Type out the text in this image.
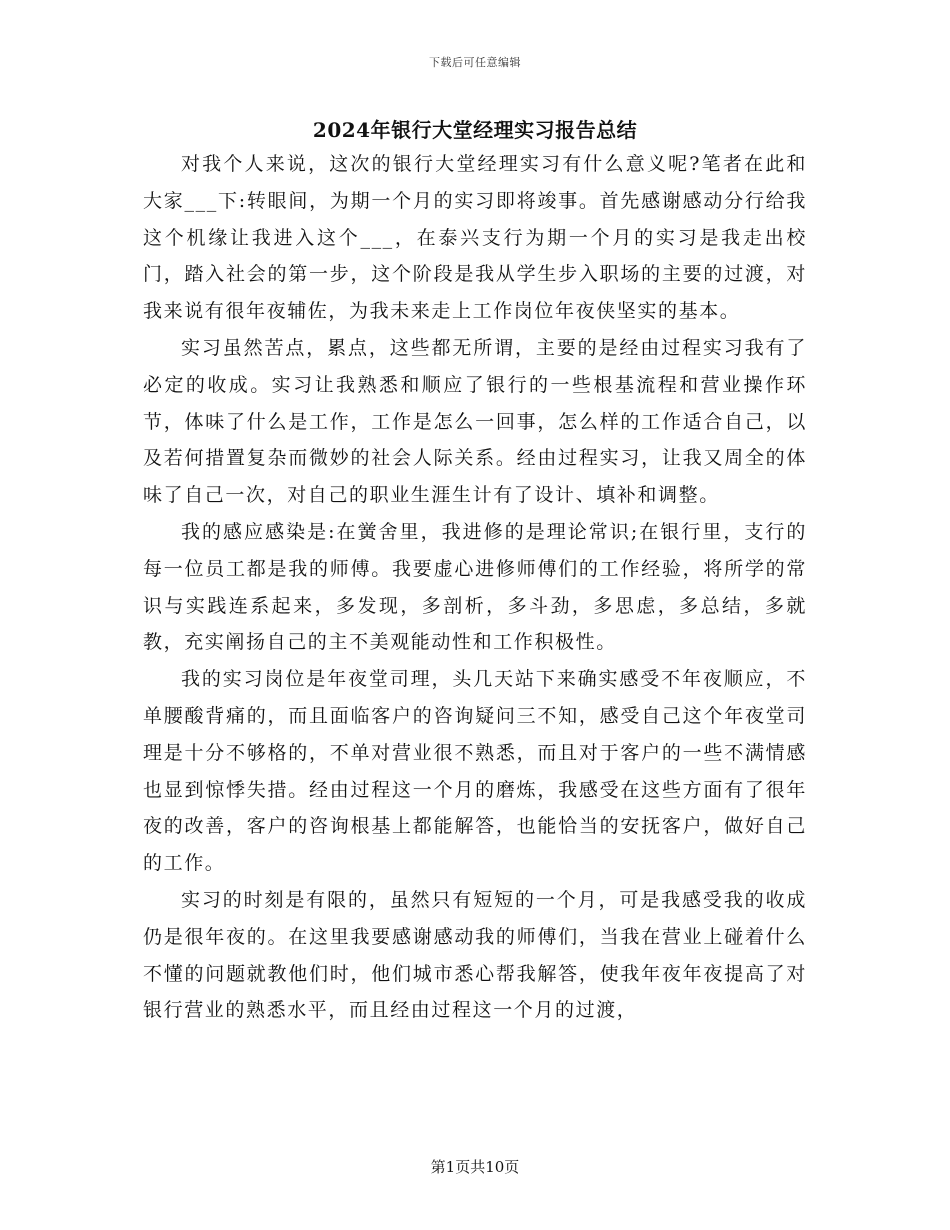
下载后可任意编辑
2024年银行大堂经理实习报告总结

对我个人来说，这次的银行大堂经理实习有什么意义呢?笔者在此和大家___下:转眼间，为期一个月的实习即将竣事。首先感谢感动分行给我这个机缘让我进入这个___，在泰兴支行为期一个月的实习是我走出校门，踏入社会的第一步，这个阶段是我从学生步入职场的主要的过渡，对我来说有很年夜辅佐，为我未来走上工作岗位年夜侠坚实的基本。

实习虽然苦点，累点，这些都无所谓，主要的是经由过程实习我有了必定的收成。实习让我熟悉和顺应了银行的一些根基流程和营业操作环节，体味了什么是工作，工作是怎么一回事，怎么样的工作适合自己，以及若何措置复杂而微妙的社会人际关系。经由过程实习，让我又周全的体味了自己一次，对自己的职业生涯生计有了设计、填补和调整。

我的感应感染是:在黉舍里，我进修的是理论常识;在银行里，支行的每一位员工都是我的师傅。我要虚心进修师傅们的工作经验，将所学的常识与实践连系起来，多发现，多剖析，多斗劲，多思虑，多总结，多就教，充实阐扬自己的主不美观能动性和工作积极性。

我的实习岗位是年夜堂司理，头几天站下来确实感受不年夜顺应，不单腰酸背痛的，而且面临客户的咨询疑问三不知，感受自己这个年夜堂司理是十分不够格的，不单对营业很不熟悉，而且对于客户的一些不满情感也显到惊悸失措。经由过程这一个月的磨炼，我感受在这些方面有了很年夜的改善，客户的咨询根基上都能解答，也能恰当的安抚客户，做好自己的工作。

实习的时刻是有限的，虽然只有短短的一个月，可是我感受我的收成仍是很年夜的。在这里我要感谢感动我的师傅们，当我在营业上碰着什么不懂的问题就教他们时，他们城市悉心帮我解答，使我年夜年夜提高了对银行营业的熟悉水平，而且经由过程这一个月的过渡，

第1页共10页
